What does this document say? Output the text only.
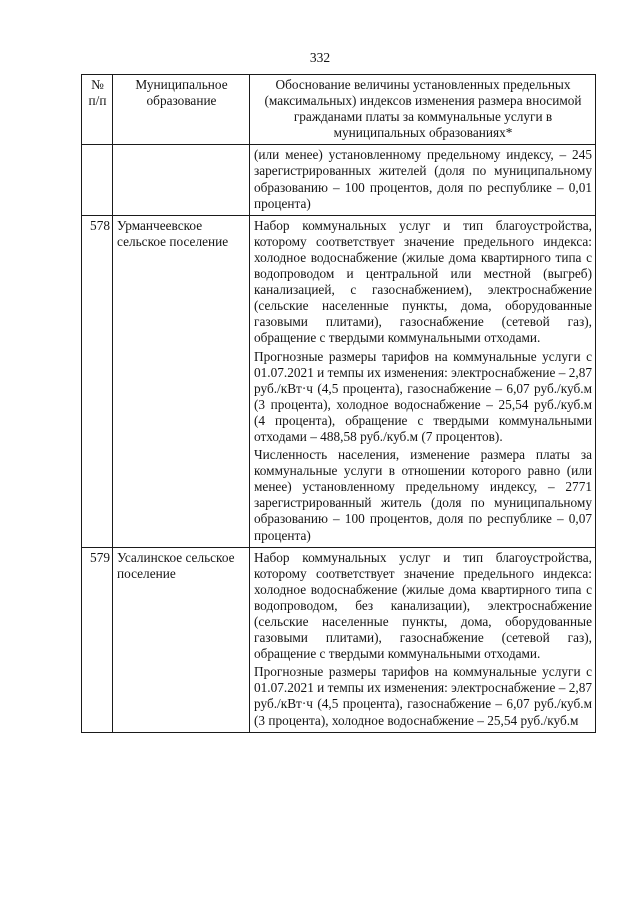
332
№ п/п	Муниципальное образование	Обоснование величины установленных предельных (максимальных) индексов изменения размера вносимой гражданами платы за коммунальные услуги в муниципальных образованиях*

		(или менее) установленному предельному индексу, – 245 зарегистрированных жителей (доля по муниципальному образованию – 100 процентов, доля по республике – 0,01 процента)

578	Урманчеевское сельское поселение	Набор коммунальных услуг и тип благоустройства, которому соответствует значение предельного индекса: холодное водоснабжение (жилые дома квартирного типа с водопроводом и центральной или местной (выгреб) канализацией, с газоснабжением), электроснабжение (сельские населенные пункты, дома, оборудованные газовыми плитами), газоснабжение (сетевой газ), обращение с твердыми коммунальными отходами.

Прогнозные размеры тарифов на коммунальные услуги с 01.07.2021 и темпы их изменения: электроснабжение – 2,87 руб./кВт·ч (4,5 процента), газоснабжение – 6,07 руб./куб.м (3 процента), холодное водоснабжение – 25,54 руб./куб.м (4 процента), обращение с твердыми коммунальными отходами – 488,58 руб./куб.м (7 процентов).

Численность населения, изменение размера платы за коммунальные услуги в отношении которого равно (или менее) установленному предельному индексу, – 2771 зарегистрированный житель (доля по муниципальному образованию – 100 процентов, доля по республике – 0,07 процента)

579	Усалинское сельское поселение	Набор коммунальных услуг и тип благоустройства, которому соответствует значение предельного индекса: холодное водоснабжение (жилые дома квартирного типа с водопроводом, без канализации), электроснабжение (сельские населенные пункты, дома, оборудованные газовыми плитами), газоснабжение (сетевой газ), обращение с твердыми коммунальными отходами.

Прогнозные размеры тарифов на коммунальные услуги с 01.07.2021 и темпы их изменения: электроснабжение – 2,87 руб./кВт·ч (4,5 процента), газоснабжение – 6,07 руб./куб.м (3 процента), холодное водоснабжение – 25,54 руб./куб.м
